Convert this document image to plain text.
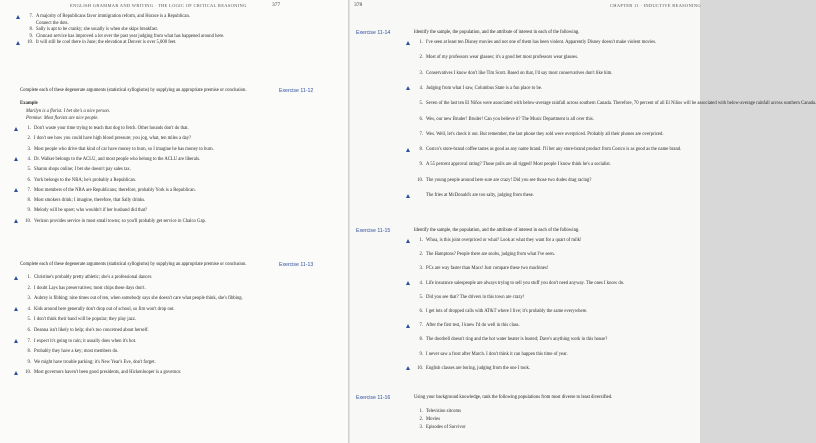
ENGLISH GRAMMAR AND WRITING · THE LOGIC OF CRITICAL REASONING	377
7. A majority of Republicans favor immigration reform, and Horace is a Republican.
Connect the dots.
8. Sally is apt to be cranky; she usually is when she skips breakfast.
9. Cinncast service has improved a lot over the past year judging from what has happened around here.
10. It will still be cool there in June; the elevation at Denver is over 5,000 feet.
Complete each of these degenerate arguments (statistical syllogisms) by supplying an appropriate premise or conclusion.	Exercise 11-12
Example
Marilyn is a florist. I bet she's a nice person.
Premise: Most florists are nice people.
1. Don't waste your time trying to teach that dog to fetch. Other hounds don't do that.
2. I don't see how you could have high blood pressure; you jog, what, ten miles a day?
3. Most people who drive that kind of car have money to burn, so I imagine he has money to burn.
4. Dr. Walker belongs to the ACLU, and most people who belong to the ACLU are liberals.
5. Sharon shops online; I bet she doesn't pay sales tax.
6. York belongs to the NRA; he's probably a Republican.
7. Most members of the NRA are Republicans; therefore, probably York is a Republican.
8. Most smokers drink; I imagine, therefore, that Sally drinks.
9. Melody will be upset; who wouldn't if her husband did that?
10. Verizon provides service in most small towns; so you'll probably get service in Chalco Gap.
Complete each of these degenerate arguments (statistical syllogisms) by supplying an appropriate premise or conclusion.	Exercise 11-13
1. Christine's probably pretty athletic; she's a professional dancer.
2. I doubt Lays has preservatives; most chips these days don't.
3. Aubrey is fibbing; nine times out of ten, when somebody says she doesn't care what people think, she's fibbing.
4. Kids around here generally don't drop out of school, so Jim won't drop out.
5. I don't think their band will be popular; they play jazz.
6. Deanna isn't likely to help; she's too concerned about herself.
7. I expect it's going to rain; it usually does when it's hot.
8. Probably they have a key; most members do.
9. We might have trouble parking; it's New Year's Eve, don't forget.
10. Most governors haven't been good presidents, and Hickenlooper is a governor.
378	CHAPTER 11 · INDUCTIVE REASONING
Exercise 11-14	Identify the sample, the population, and the attribute of interest in each of the following.
1. I've seen at least ten Disney movies and not one of them has been violent. Apparently Disney doesn't make violent movies.
2. Most of my professors wear glasses; it's a good bet most professors wear glasses.
3. Conservatives I know don't like Tim Scott. Based on that, I'd say most conservatives don't like him.
4. Judging from what I saw, Columbus State is a fun place to be.
5. Seven of the last ten El Niños were associated with below-average rainfall across southern Canada. Therefore, 70 percent of all El Niños will be associated with below-average rainfall across southern Canada.
6. Wes, our new Bruder! Bruder! Can you believe it? The Music Department is all over this.
7. Wes. Well, let's check it out. But remember, the last phone they sold were overpriced. Probably all their phones are overpriced.
8. Costco's store-brand coffee tastes as good as any name brand. I'll bet any store-brand product from Costco is as good as the name brand.
9. A 55 percent approval rating? Those polls are all rigged! Most people I know think he's a socialist.
10. The young people around here sure are crazy! Did you see those two dudes drag racing?
The fries at McDonald's are too salty, judging from these.
Exercise 11-15	Identify the sample, the population, and the attribute of interest in each of the following.
1. Whoa, is this joint overpriced or what? Look at what they want for a quart of milk!
2. The Hamptons? People there are snobs, judging from what I've seen.
3. PCs are way faster than Macs! Just compare these two machines!
4. Life insurance salespeople are always trying to sell you stuff you don't need anyway. The ones I know do.
5. Did you see that? The drivers in this town are crazy!
6. I get lots of dropped calls with AT&T where I live; it's probably the same everywhere.
7. After the first test, I knew I'd do well in this class.
8. The doorbell doesn't ring and the hot water heater is busted; Dave's anything work in this house?
9. I never saw a frost after March. I don't think it can happen this time of year.
10. English classes are boring, judging from the one I took.
Exercise 11-16	Using your background knowledge, rank the following populations from most diverse to least diversified.
1. Television sitcoms
2. Movies
3. Episodes of Survivor
